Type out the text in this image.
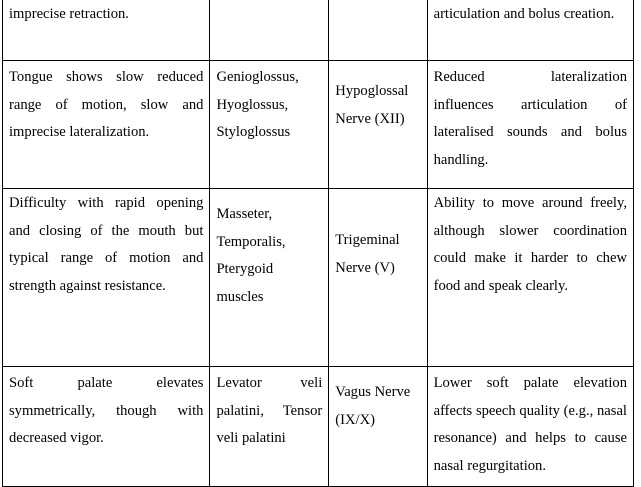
imprecise retraction.			articulation and bolus creation.
Tongue shows slow reduced range of motion, slow and imprecise lateralization.	Genioglossus, Hyoglossus, Styloglossus	Hypoglossal Nerve (XII)	Reduced lateralization influences articulation of lateralised sounds and bolus handling.
Difficulty with rapid opening and closing of the mouth but typical range of motion and strength against resistance.	Masseter, Temporalis, Pterygoid muscles	Trigeminal Nerve (V)	Ability to move around freely, although slower coordination could make it harder to chew food and speak clearly.
Soft palate elevates symmetrically, though with decreased vigor.	Levator veli palatini, Tensor veli palatini	Vagus Nerve (IX/X)	Lower soft palate elevation affects speech quality (e.g., nasal resonance) and helps to cause nasal regurgitation.
